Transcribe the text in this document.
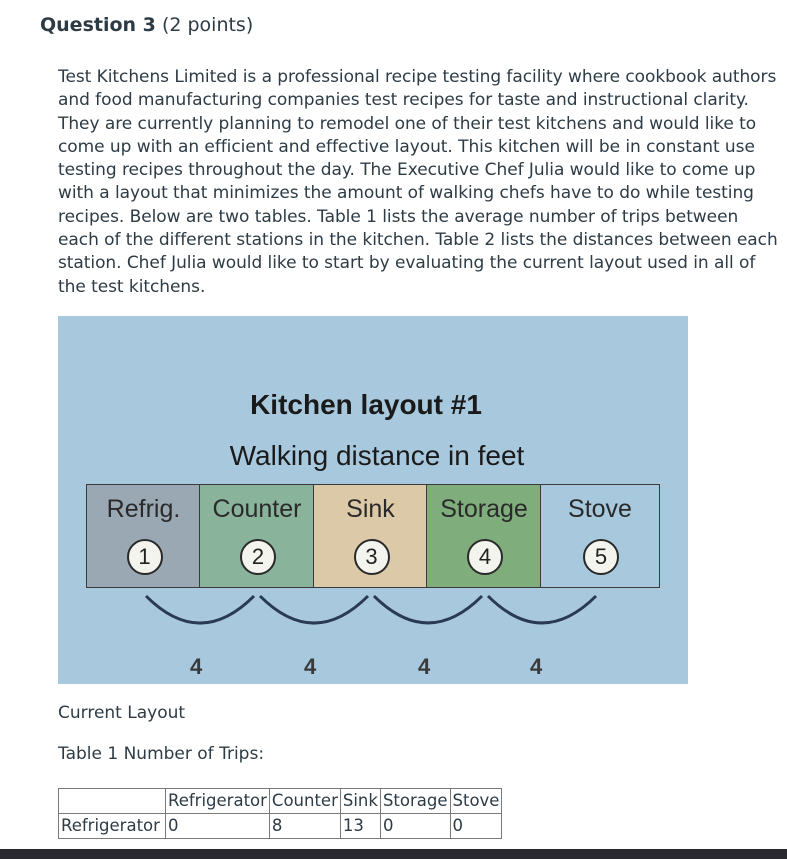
Question 3 (2 points)
Test Kitchens Limited is a professional recipe testing facility where cookbook authors and food manufacturing companies test recipes for taste and instructional clarity. They are currently planning to remodel one of their test kitchens and would like to come up with an efficient and effective layout. This kitchen will be in constant use testing recipes throughout the day. The Executive Chef Julia would like to come up with a layout that minimizes the amount of walking chefs have to do while testing recipes. Below are two tables. Table 1 lists the average number of trips between each of the different stations in the kitchen. Table 2 lists the distances between each station. Chef Julia would like to start by evaluating the current layout used in all of the test kitchens.
Kitchen layout #1
Walking distance in feet
Refrig.
1
Counter
2
Sink
3
Storage
4
Stove
5
4	4	4	4
Current Layout
Table 1 Number of Trips:
	Refrigerator	Counter	Sink	Storage	Stove
Refrigerator	0	8	13	0	0
